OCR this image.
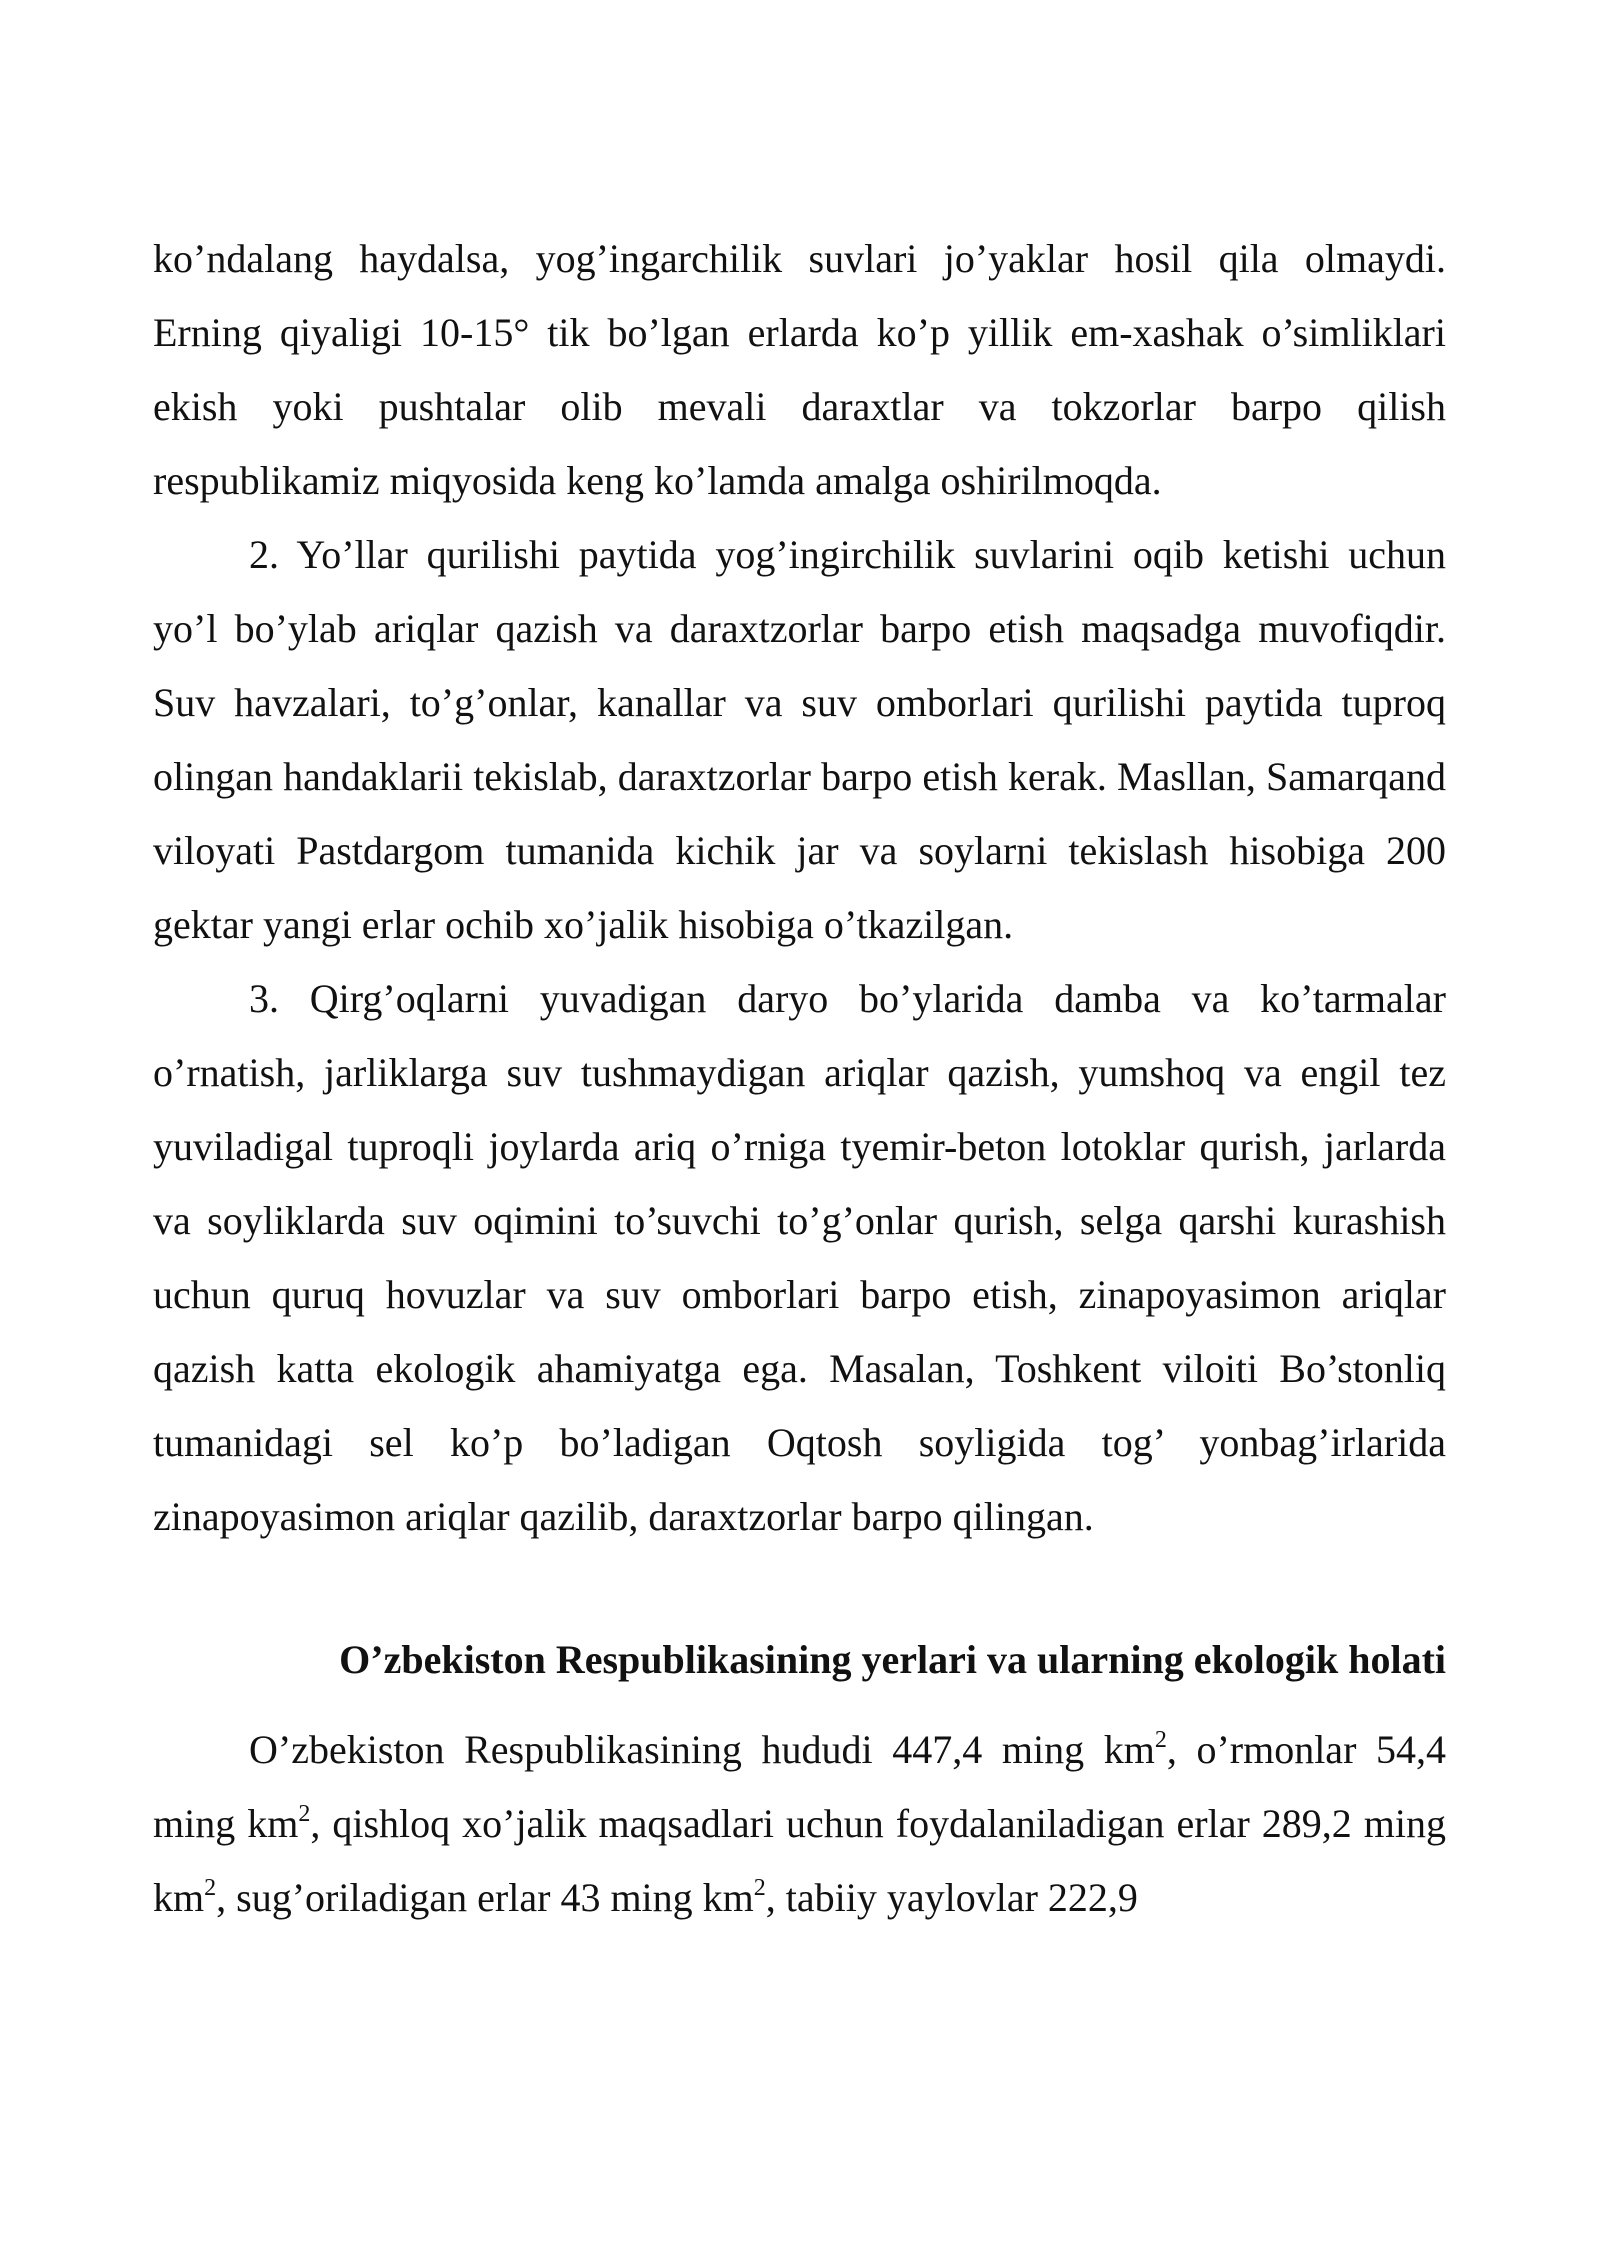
ko’ndalang haydalsa, yog’ingarchilik suvlari jo’yaklar hosil qila olmaydi. Erning qiyaligi 10-15° tik bo’lgan erlarda ko’p yillik em-xashak o’simliklari ekish yoki pushtalar olib mevali daraxtlar va tokzorlar barpo qilish respublikamiz miqyosida keng ko’lamda amalga oshirilmoqda.

2. Yo’llar qurilishi paytida yog’ingirchilik suvlarini oqib ketishi uchun yo’l bo’ylab ariqlar qazish va daraxtzorlar barpo etish maqsadga muvofiqdir. Suv havzalari, to’g’onlar, kanallar va suv omborlari qurilishi paytida tuproq olingan handaklarii tekislab, daraxtzorlar barpo etish kerak. Masllan, Samarqand viloyati Pastdargom tumanida kichik jar va soylarni tekislash hisobiga 200 gektar yangi erlar ochib xo’jalik hisobiga o’tkazilgan.

3. Qirg’oqlarni yuvadigan daryo bo’ylarida damba va ko’tarmalar o’rnatish, jarliklarga suv tushmaydigan ariqlar qazish, yumshoq va engil tez yuviladigal tuproqli joylarda ariq o’rniga tyemir-beton lotoklar qurish, jarlarda va soyliklarda suv oqimini to’suvchi to’g’onlar qurish, selga qarshi kurashish uchun quruq hovuzlar va suv omborlari barpo etish, zinapoyasimon ariqlar qazish katta ekologik ahamiyatga ega. Masalan, Toshkent viloiti Bo’stonliq tumanidagi sel ko’p bo’ladigan Oqtosh soyligida tog’ yonbag’irlarida zinapoyasimon ariqlar qazilib, daraxtzorlar barpo qilingan.

O’zbekiston Respublikasining yerlari va ularning ekologik holati

O’zbekiston Respublikasining hududi 447,4 ming $km^2$, o’rmonlar 54,4 ming $km^2$, qishloq xo’jalik maqsadlari uchun foydalaniladigan erlar 289,2 ming $km^2$, sug’oriladigan erlar 43 ming $km^2$, tabiiy yaylovlar 222,9
